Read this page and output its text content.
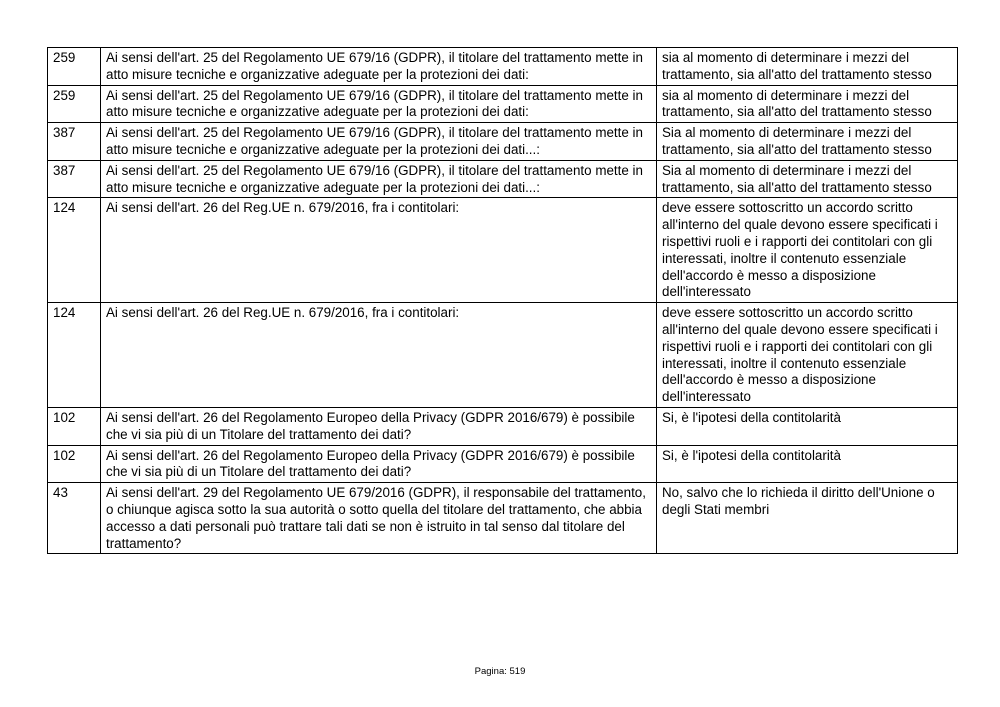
259	Ai sensi dell'art. 25 del Regolamento UE 679/16 (GDPR), il titolare del trattamento mette in atto misure tecniche e organizzative adeguate per la protezioni dei dati:	sia al momento di determinare i mezzi del trattamento, sia all'atto del trattamento stesso
259	Ai sensi dell'art. 25 del Regolamento UE 679/16 (GDPR), il titolare del trattamento mette in atto misure tecniche e organizzative adeguate per la protezioni dei dati:	sia al momento di determinare i mezzi del trattamento, sia all'atto del trattamento stesso
387	Ai sensi dell'art. 25 del Regolamento UE 679/16 (GDPR), il titolare del trattamento mette in atto misure tecniche e organizzative adeguate per la protezioni dei dati...:	Sia al momento di determinare i mezzi del trattamento, sia all'atto del trattamento stesso
387	Ai sensi dell'art. 25 del Regolamento UE 679/16 (GDPR), il titolare del trattamento mette in atto misure tecniche e organizzative adeguate per la protezioni dei dati...:	Sia al momento di determinare i mezzi del trattamento, sia all'atto del trattamento stesso
124	Ai sensi dell'art. 26 del Reg.UE n. 679/2016, fra i contitolari:	deve essere sottoscritto un accordo scritto all'interno del quale devono essere specificati i rispettivi ruoli e i rapporti dei contitolari con gli interessati, inoltre il contenuto essenziale dell'accordo è messo a disposizione dell'interessato
124	Ai sensi dell'art. 26 del Reg.UE n. 679/2016, fra i contitolari:	deve essere sottoscritto un accordo scritto all'interno del quale devono essere specificati i rispettivi ruoli e i rapporti dei contitolari con gli interessati, inoltre il contenuto essenziale dell'accordo è messo a disposizione dell'interessato
102	Ai sensi dell'art. 26 del Regolamento Europeo della Privacy (GDPR 2016/679) è possibile che vi sia più di un Titolare del trattamento dei dati?	Si, è l'ipotesi della contitolarità
102	Ai sensi dell'art. 26 del Regolamento Europeo della Privacy (GDPR 2016/679) è possibile che vi sia più di un Titolare del trattamento dei dati?	Si, è l'ipotesi della contitolarità
43	Ai sensi dell'art. 29 del Regolamento UE 679/2016 (GDPR), il responsabile del trattamento, o chiunque agisca sotto la sua autorità o sotto quella del titolare del trattamento, che abbia accesso a dati personali può trattare tali dati se non è istruito in tal senso dal titolare del trattamento?	No, salvo che lo richieda il diritto dell'Unione o degli Stati membri
Pagina: 519
